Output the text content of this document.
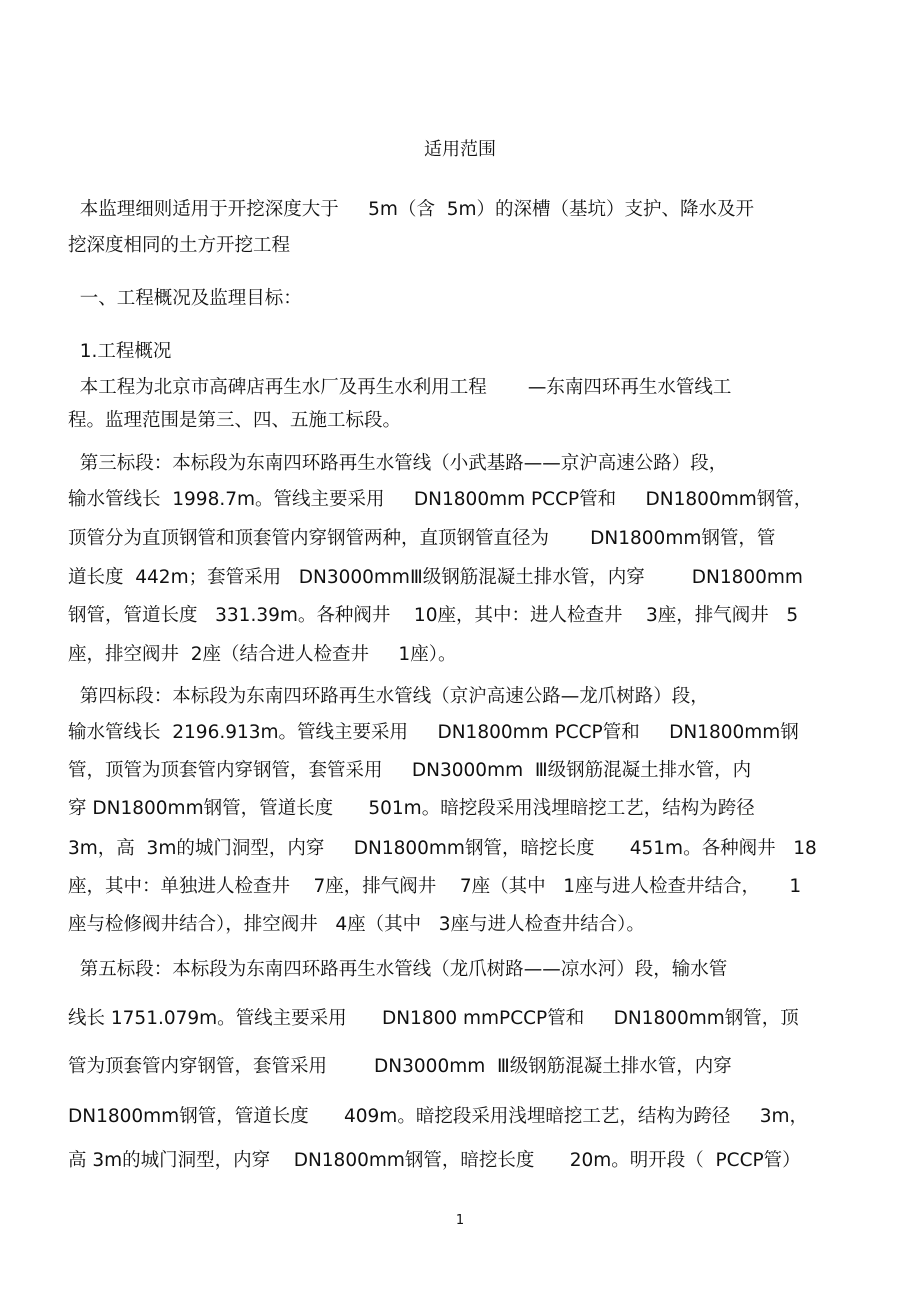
适用范围
本监理细则适用于开挖深度大于     5m（含  5m）的深槽（基坑）支护、降水及开
挖深度相同的土方开挖工程
一、工程概况及监理目标：
1.工程概况
本工程为北京市高碑店再生水厂及再生水利用工程       —东南四环再生水管线工
程。监理范围是第三、四、五施工标段。
第三标段：本标段为东南四环路再生水管线（小武基路——京沪高速公路）段，
输水管线长  1998.7m。管线主要采用     DN1800mm PCCP管和     DN1800mm钢管，
顶管分为直顶钢管和顶套管内穿钢管两种，直顶钢管直径为       DN1800mm钢管，管
道长度  442m；套管采用   DN3000mmⅢ级钢筋混凝土排水管，内穿        DN1800mm
钢管，管道长度   331.39m。各种阀井    10座，其中：进人检查井    3座，排气阀井   5
座，排空阀井  2座（结合进人检查井     1座）。
第四标段：本标段为东南四环路再生水管线（京沪高速公路—龙爪树路）段，
输水管线长  2196.913m。管线主要采用     DN1800mm PCCP管和     DN1800mm钢
管，顶管为顶套管内穿钢管，套管采用     DN3000mm  Ⅲ级钢筋混凝土排水管，内
穿 DN1800mm钢管，管道长度      501m。暗挖段采用浅埋暗挖工艺，结构为跨径
3m，高  3m的城门洞型，内穿     DN1800mm钢管，暗挖长度      451m。各种阀井   18
座，其中：单独进人检查井    7座，排气阀井    7座（其中   1座与进人检查井结合，     1
座与检修阀井结合），排空阀井   4座（其中   3座与进人检查井结合）。
第五标段：本标段为东南四环路再生水管线（龙爪树路——凉水河）段，输水管
线长 1751.079m。管线主要采用      DN1800 mmPCCP管和     DN1800mm钢管，顶
管为顶套管内穿钢管，套管采用        DN3000mm  Ⅲ级钢筋混凝土排水管，内穿
DN1800mm钢管，管道长度      409m。暗挖段采用浅埋暗挖工艺，结构为跨径     3m，
高 3m的城门洞型，内穿    DN1800mm钢管，暗挖长度      20m。明开段（  PCCP管）
1
